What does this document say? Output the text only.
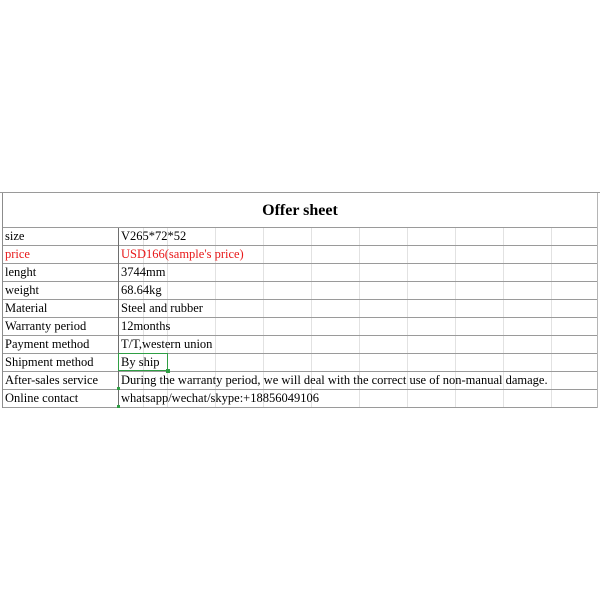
Offer sheet
size	V265*72*52
price	USD166(sample's price)
lenght	3744mm
weight	68.64kg
Material	Steel and rubber
Warranty period	12months
Payment method	T/T,western union
Shipment method	By ship
After-sales service	During the warranty period, we will deal with the correct use of non-manual damage.
Online contact	whatsapp/wechat/skype:+18856049106
